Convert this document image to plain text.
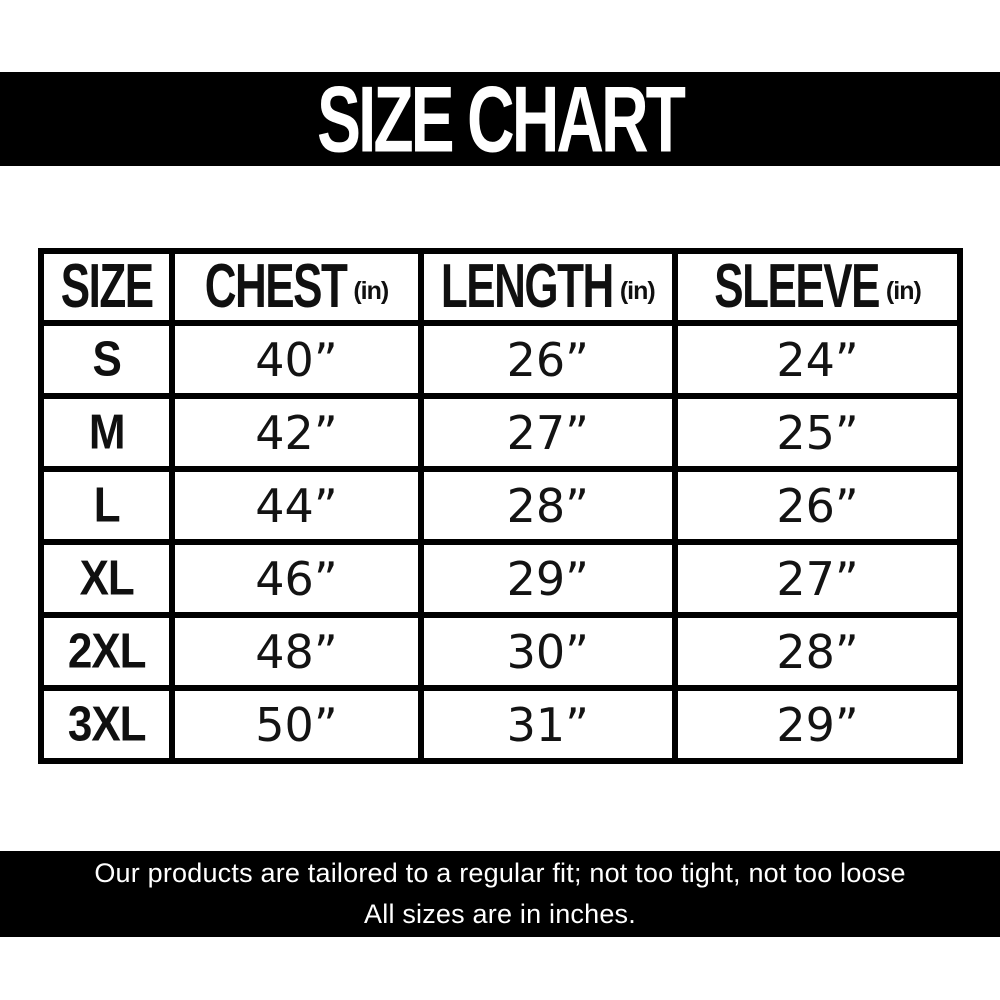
SIZE CHART
SIZE	CHEST (in)	LENGTH (in)	SLEEVE (in)

S	40”	26”	24”
M	42”	27”	25”
L	44”	28”	26”
XL	46”	29”	27”
2XL	48”	30”	28”
3XL	50”	31”	29”

Our products are tailored to a regular fit; not too tight, not too loose

All sizes are in inches.
